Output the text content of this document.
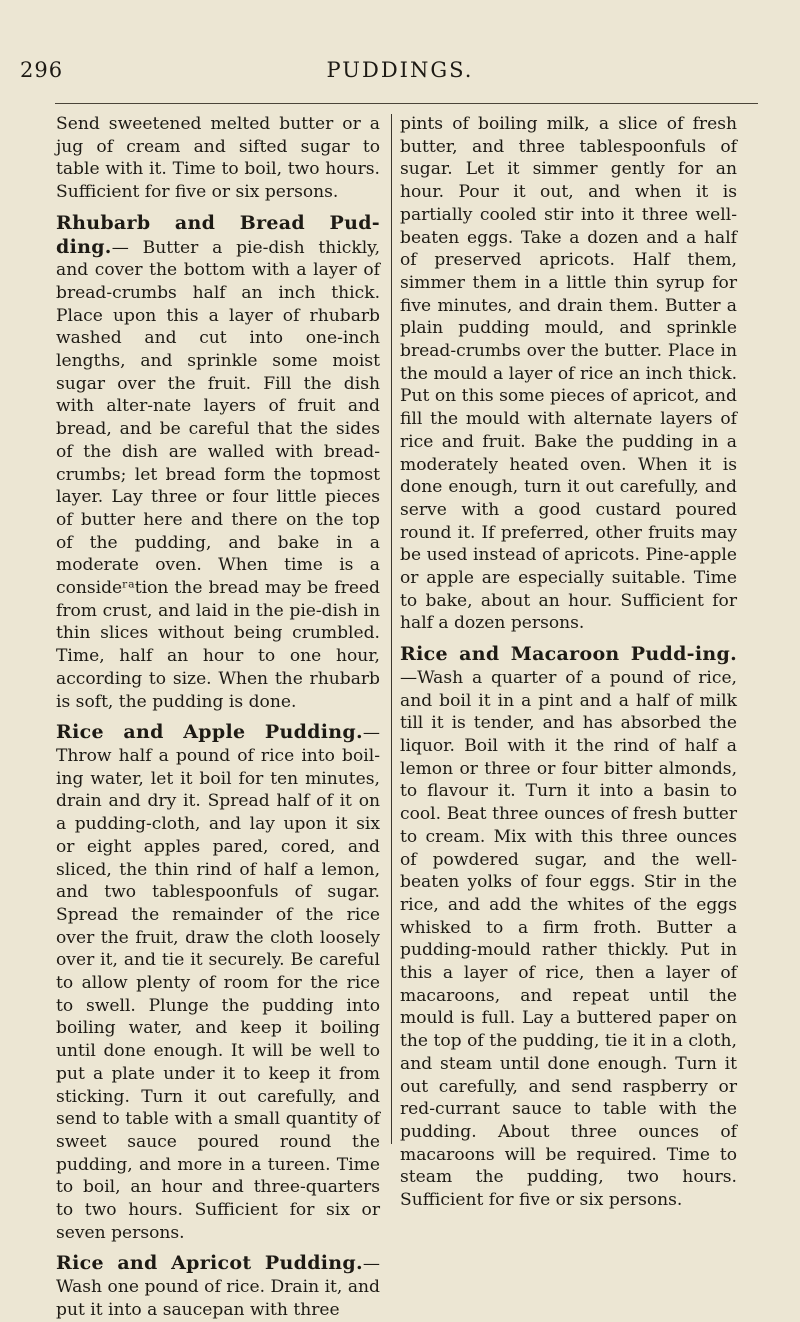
296	PUDDINGS.

Send sweetened melted butter or a jug of cream and sifted sugar to table with it. Time to boil, two hours. Sufficient for five or six persons.

Rhubarb and Bread Pud-ding.— Butter a pie-dish thickly, and cover the bottom with a layer of bread-crumbs half an inch thick. Place upon this a layer of rhubarb washed and cut into one-inch lengths, and sprinkle some moist sugar over the fruit. Fill the dish with alter-nate layers of fruit and bread, and be careful that the sides of the dish are walled with bread-crumbs; let bread form the topmost layer. Lay three or four little pieces of butter here and there on the top of the pudding, and bake in a moderate oven. When time is a consideʳᵃtion the bread may be freed from crust, and laid in the pie-dish in thin slices without being crumbled. Time, half an hour to one hour, according to size. When the rhubarb is soft, the pudding is done.

Rice and Apple Pudding.— Throw half a pound of rice into boil-ing water, let it boil for ten minutes, drain and dry it. Spread half of it on a pudding-cloth, and lay upon it six or eight apples pared, cored, and sliced, the thin rind of half a lemon, and two tablespoonfuls of sugar. Spread the remainder of the rice over the fruit, draw the cloth loosely over it, and tie it securely. Be careful to allow plenty of room for the rice to swell. Plunge the pudding into boiling water, and keep it boiling until done enough. It will be well to put a plate under it to keep it from sticking. Turn it out carefully, and send to table with a small quantity of sweet sauce poured round the pudding, and more in a tureen. Time to boil, an hour and three-quarters to two hours. Sufficient for six or seven persons.

Rice and Apricot Pudding.—Wash one pound of rice. Drain it, and put it into a saucepan with three

pints of boiling milk, a slice of fresh butter, and three tablespoonfuls of sugar. Let it simmer gently for an hour. Pour it out, and when it is partially cooled stir into it three well-beaten eggs. Take a dozen and a half of preserved apricots. Half them, simmer them in a little thin syrup for five minutes, and drain them. Butter a plain pudding mould, and sprinkle bread-crumbs over the butter. Place in the mould a layer of rice an inch thick. Put on this some pieces of apricot, and fill the mould with alternate layers of rice and fruit. Bake the pudding in a moderately heated oven. When it is done enough, turn it out carefully, and serve with a good custard poured round it. If preferred, other fruits may be used instead of apricots. Pine-apple or apple are especially suitable. Time to bake, about an hour. Sufficient for half a dozen persons.

Rice and Macaroon Pudd-ing.—Wash a quarter of a pound of rice, and boil it in a pint and a half of milk till it is tender, and has absorbed the liquor. Boil with it the rind of half a lemon or three or four bitter almonds, to flavour it. Turn it into a basin to cool. Beat three ounces of fresh butter to cream. Mix with this three ounces of powdered sugar, and the well-beaten yolks of four eggs. Stir in the rice, and add the whites of the eggs whisked to a firm froth. Butter a pudding-mould rather thickly. Put in this a layer of rice, then a layer of macaroons, and repeat until the mould is full. Lay a buttered paper on the top of the pudding, tie it in a cloth, and steam until done enough. Turn it out carefully, and send raspberry or red-currant sauce to table with the pudding. About three ounces of macaroons will be required. Time to steam the pudding, two hours. Sufficient for five or six persons.
